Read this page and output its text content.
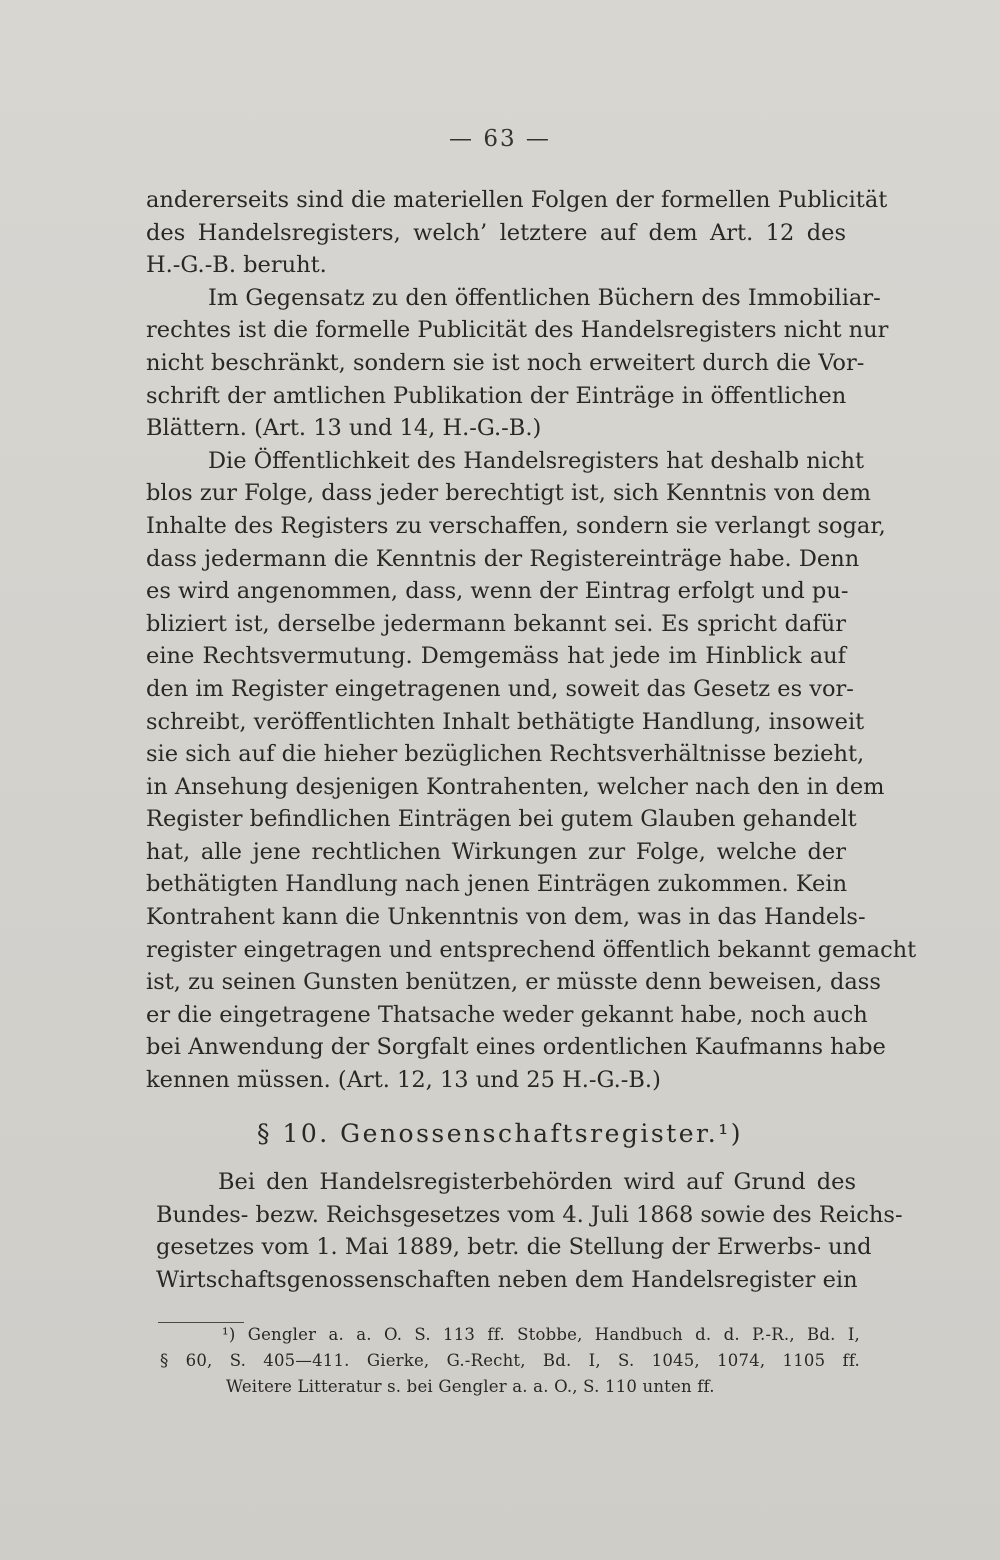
— 63 —
andererseits sind die materiellen Folgen der formellen Publicität
des Handelsregisters, welch’ letztere auf dem Art. 12 des
H.-G.-B. beruht.
Im Gegensatz zu den öffentlichen Büchern des Immobiliar-
rechtes ist die formelle Publicität des Handelsregisters nicht nur
nicht beschränkt, sondern sie ist noch erweitert durch die Vor-
schrift der amtlichen Publikation der Einträge in öffentlichen
Blättern. (Art. 13 und 14, H.-G.-B.)
Die Öffentlichkeit des Handelsregisters hat deshalb nicht
blos zur Folge, dass jeder berechtigt ist, sich Kenntnis von dem
Inhalte des Registers zu verschaffen, sondern sie verlangt sogar,
dass jedermann die Kenntnis der Registereinträge habe. Denn
es wird angenommen, dass, wenn der Eintrag erfolgt und pu-
bliziert ist, derselbe jedermann bekannt sei. Es spricht dafür
eine Rechtsvermutung. Demgemäss hat jede im Hinblick auf
den im Register eingetragenen und, soweit das Gesetz es vor-
schreibt, veröffentlichten Inhalt bethätigte Handlung, insoweit
sie sich auf die hieher bezüglichen Rechtsverhältnisse bezieht,
in Ansehung desjenigen Kontrahenten, welcher nach den in dem
Register befindlichen Einträgen bei gutem Glauben gehandelt
hat, alle jene rechtlichen Wirkungen zur Folge, welche der
bethätigten Handlung nach jenen Einträgen zukommen. Kein
Kontrahent kann die Unkenntnis von dem, was in das Handels-
register eingetragen und entsprechend öffentlich bekannt gemacht
ist, zu seinen Gunsten benützen, er müsste denn beweisen, dass
er die eingetragene Thatsache weder gekannt habe, noch auch
bei Anwendung der Sorgfalt eines ordentlichen Kaufmanns habe
kennen müssen. (Art. 12, 13 und 25 H.-G.-B.)
§ 10. Genossenschaftsregister.¹)
Bei den Handelsregisterbehörden wird auf Grund des
Bundes- bezw. Reichsgesetzes vom 4. Juli 1868 sowie des Reichs-
gesetzes vom 1. Mai 1889, betr. die Stellung der Erwerbs- und
Wirtschaftsgenossenschaften neben dem Handelsregister ein
¹) Gengler a. a. O. S. 113 ff. Stobbe, Handbuch d. d. P.-R., Bd. I,
§ 60, S. 405—411. Gierke, G.-Recht, Bd. I, S. 1045, 1074, 1105 ff.
Weitere Litteratur s. bei Gengler a. a. O., S. 110 unten ff.
